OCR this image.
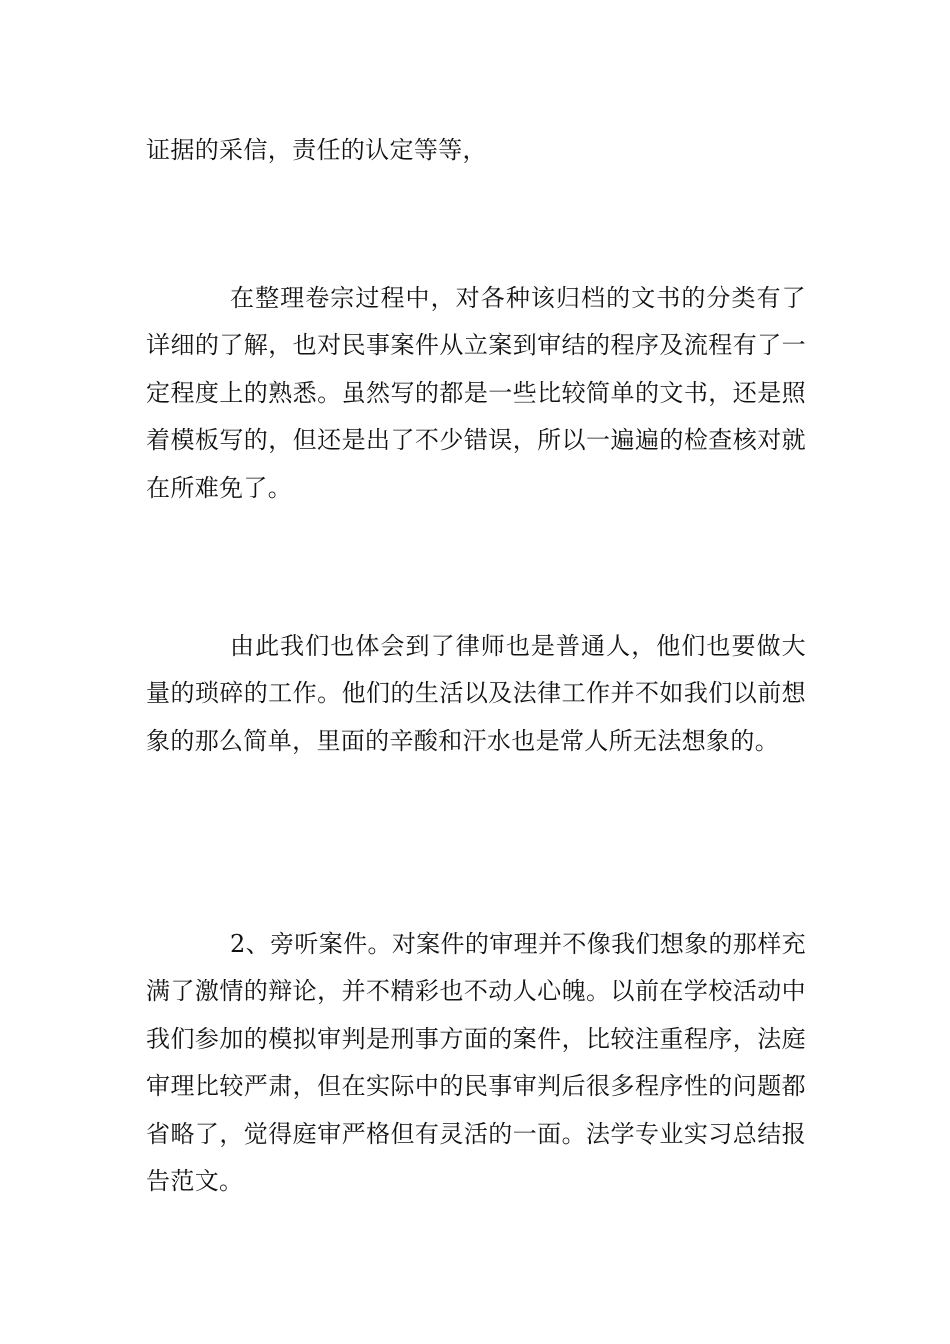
证据的采信，责任的认定等等，

在整理卷宗过程中，对各种该归档的文书的分类有了详细的了解，也对民事案件从立案到审结的程序及流程有了一定程度上的熟悉。虽然写的都是一些比较简单的文书，还是照着模板写的，但还是出了不少错误，所以一遍遍的检查核对就在所难免了。

由此我们也体会到了律师也是普通人，他们也要做大量的琐碎的工作。他们的生活以及法律工作并不如我们以前想象的那么简单，里面的辛酸和汗水也是常人所无法想象的。

2、旁听案件。对案件的审理并不像我们想象的那样充满了激情的辩论，并不精彩也不动人心魄。以前在学校活动中我们参加的模拟审判是刑事方面的案件，比较注重程序，法庭审理比较严肃，但在实际中的民事审判后很多程序性的问题都省略了，觉得庭审严格但有灵活的一面。法学专业实习总结报告范文。
